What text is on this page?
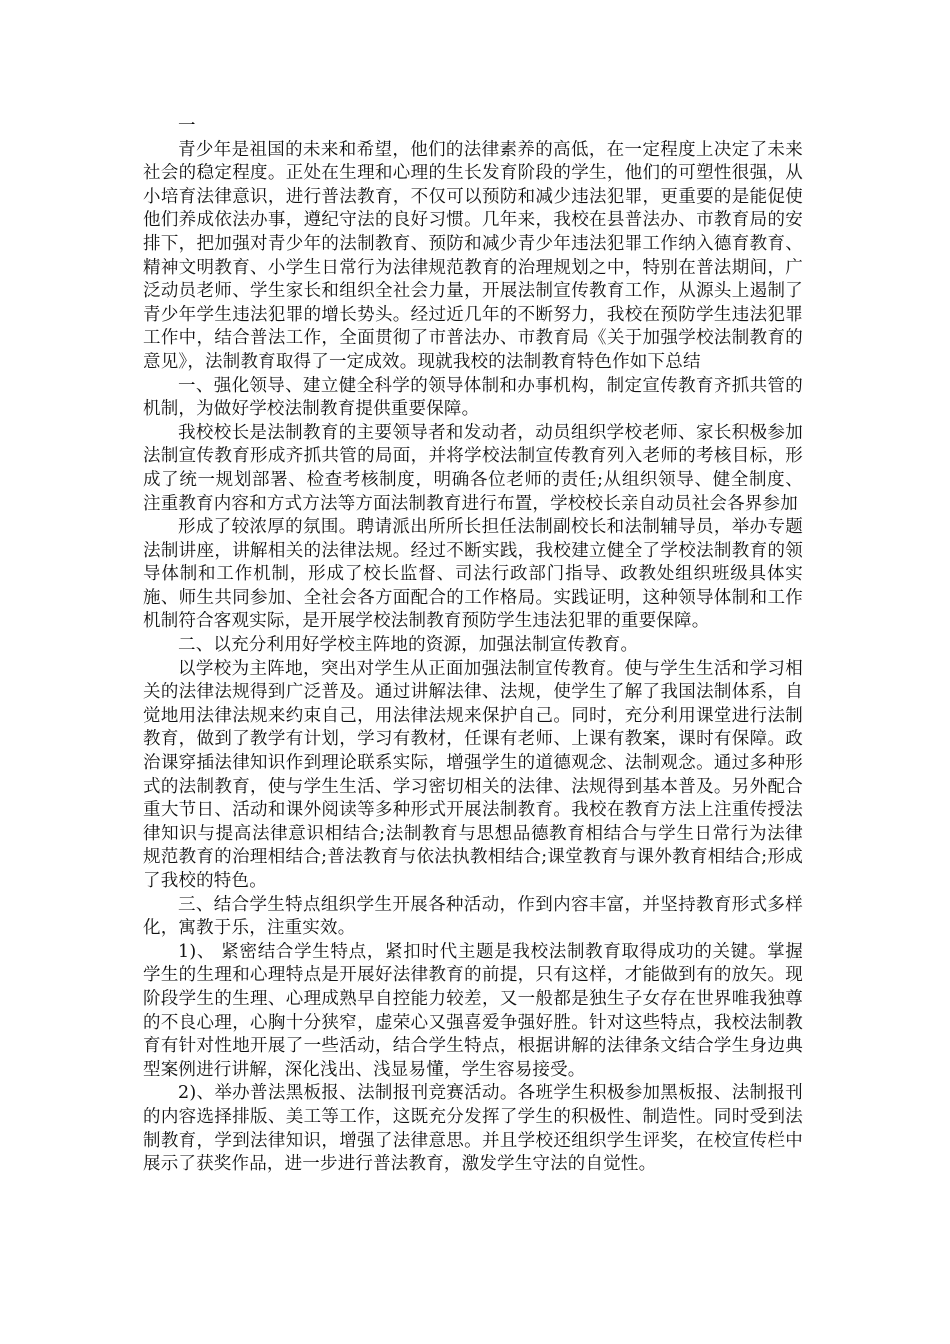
一

青少年是祖国的未来和希望，他们的法律素养的高低，在一定程度上决定了未来社会的稳定程度。正处在生理和心理的生长发育阶段的学生，他们的可塑性很强，从小培育法律意识，进行普法教育，不仅可以预防和减少违法犯罪，更重要的是能促使他们养成依法办事，遵纪守法的良好习惯。几年来，我校在县普法办、市教育局的安排下，把加强对青少年的法制教育、预防和减少青少年违法犯罪工作纳入德育教育、精神文明教育、小学生日常行为法律规范教育的治理规划之中，特别在普法期间，广泛动员老师、学生家长和组织全社会力量，开展法制宣传教育工作，从源头上遏制了青少年学生违法犯罪的增长势头。经过近几年的不断努力，我校在预防学生违法犯罪工作中，结合普法工作，全面贯彻了市普法办、市教育局《关于加强学校法制教育的意见》，法制教育取得了一定成效。现就我校的法制教育特色作如下总结

一、强化领导、建立健全科学的领导体制和办事机构，制定宣传教育齐抓共管的机制，为做好学校法制教育提供重要保障。

我校校长是法制教育的主要领导者和发动者，动员组织学校老师、家长积极参加法制宣传教育形成齐抓共管的局面，并将学校法制宣传教育列入老师的考核目标，形成了统一规划部署、检查考核制度，明确各位老师的责任;从组织领导、健全制度、注重教育内容和方式方法等方面法制教育进行布置，学校校长亲自动员社会各界参加

形成了较浓厚的氛围。聘请派出所所长担任法制副校长和法制辅导员，举办专题法制讲座，讲解相关的法律法规。经过不断实践，我校建立健全了学校法制教育的领导体制和工作机制，形成了校长监督、司法行政部门指导、政教处组织班级具体实施、师生共同参加、全社会各方面配合的工作格局。实践证明，这种领导体制和工作机制符合客观实际，是开展学校法制教育预防学生违法犯罪的重要保障。

二、以充分利用好学校主阵地的资源，加强法制宣传教育。

以学校为主阵地，突出对学生从正面加强法制宣传教育。使与学生生活和学习相关的法律法规得到广泛普及。通过讲解法律、法规，使学生了解了我国法制体系，自觉地用法律法规来约束自己，用法律法规来保护自己。同时，充分利用课堂进行法制教育，做到了教学有计划，学习有教材，任课有老师、上课有教案，课时有保障。政治课穿插法律知识作到理论联系实际，增强学生的道德观念、法制观念。通过多种形式的法制教育，使与学生生活、学习密切相关的法律、法规得到基本普及。另外配合重大节日、活动和课外阅读等多种形式开展法制教育。我校在教育方法上注重传授法律知识与提高法律意识相结合;法制教育与思想品德教育相结合与学生日常行为法律规范教育的治理相结合;普法教育与依法执教相结合;课堂教育与课外教育相结合;形成了我校的特色。

三、结合学生特点组织学生开展各种活动，作到内容丰富，并坚持教育形式多样化，寓教于乐，注重实效。

1)、 紧密结合学生特点，紧扣时代主题是我校法制教育取得成功的关键。掌握学生的生理和心理特点是开展好法律教育的前提，只有这样，才能做到有的放矢。现阶段学生的生理、心理成熟早自控能力较差，又一般都是独生子女存在世界唯我独尊的不良心理，心胸十分狭窄，虚荣心又强喜爱争强好胜。针对这些特点，我校法制教育有针对性地开展了一些活动，结合学生特点，根据讲解的法律条文结合学生身边典型案例进行讲解，深化浅出、浅显易懂，学生容易接受。

2)、举办普法黑板报、法制报刊竞赛活动。各班学生积极参加黑板报、法制报刊的内容选择排版、美工等工作，这既充分发挥了学生的积极性、制造性。同时受到法制教育，学到法律知识，增强了法律意思。并且学校还组织学生评奖，在校宣传栏中展示了获奖作品，进一步进行普法教育，激发学生守法的自觉性。
